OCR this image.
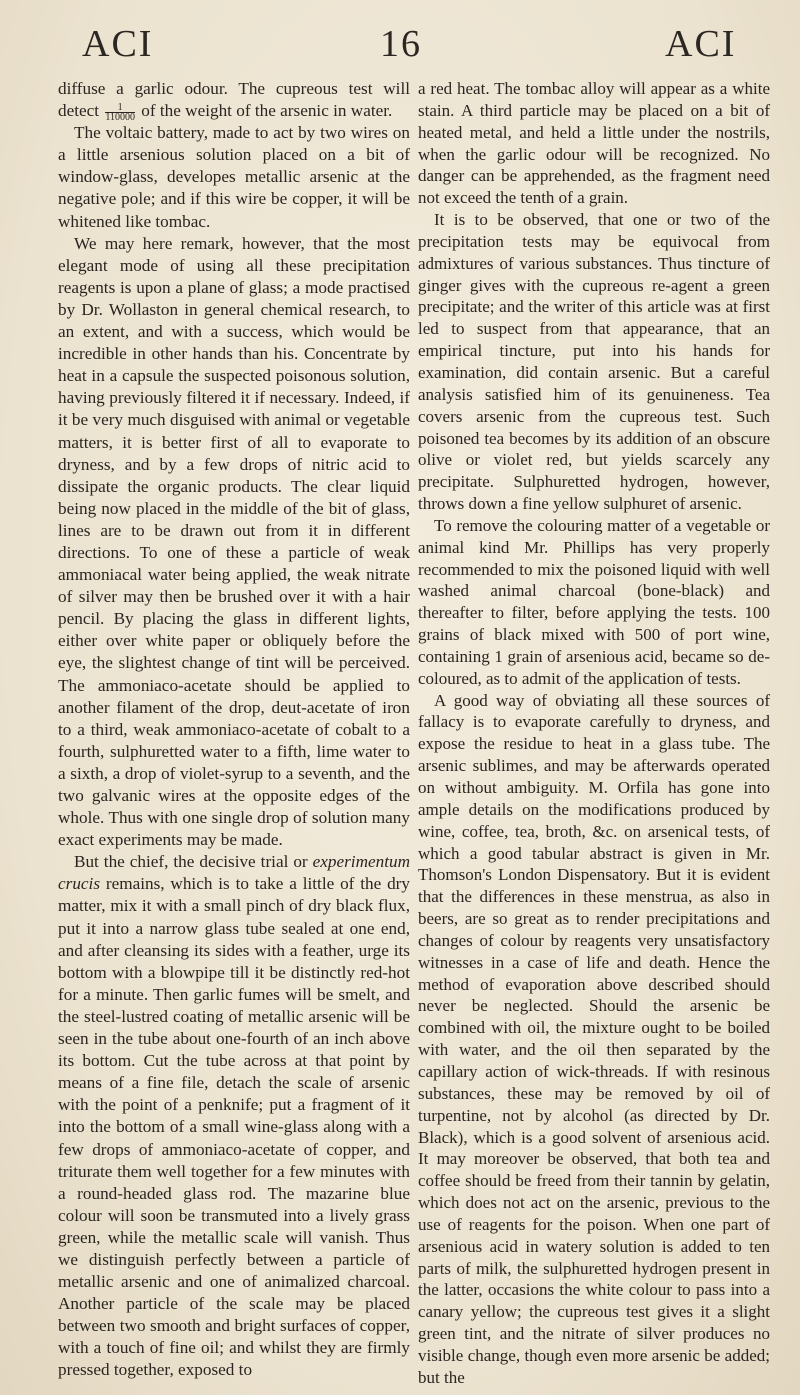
ACI	16	ACI

diffuse a garlic odour. The cupreous test will detect $\frac{1}{110000}$ of the weight of the arsenic in water.

The voltaic battery, made to act by two wires on a little arsenious solution placed on a bit of window-glass, developes metallic arsenic at the negative pole; and if this wire be copper, it will be whitened like tombac.

We may here remark, however, that the most elegant mode of using all these precipitation reagents is upon a plane of glass; a mode practised by Dr. Wollaston in general chemical research, to an extent, and with a success, which would be incredible in other hands than his. Concentrate by heat in a capsule the suspected poisonous solution, having previously filtered it if necessary. Indeed, if it be very much disguised with animal or vegetable matters, it is better first of all to evaporate to dryness, and by a few drops of nitric acid to dissipate the organic products. The clear liquid being now placed in the middle of the bit of glass, lines are to be drawn out from it in different directions. To one of these a particle of weak ammoniacal water being applied, the weak nitrate of silver may then be brushed over it with a hair pencil. By placing the glass in different lights, either over white paper or obliquely before the eye, the slightest change of tint will be perceived. The ammoniaco-acetate should be applied to another filament of the drop, deut-acetate of iron to a third, weak ammoniaco-acetate of cobalt to a fourth, sulphuretted water to a fifth, lime water to a sixth, a drop of violet-syrup to a seventh, and the two galvanic wires at the opposite edges of the whole. Thus with one single drop of solution many exact experiments may be made.

But the chief, the decisive trial or experimentum crucis remains, which is to take a little of the dry matter, mix it with a small pinch of dry black flux, put it into a narrow glass tube sealed at one end, and after cleansing its sides with a feather, urge its bottom with a blowpipe till it be distinctly red-hot for a minute. Then garlic fumes will be smelt, and the steel-lustred coating of metallic arsenic will be seen in the tube about one-fourth of an inch above its bottom. Cut the tube across at that point by means of a fine file, detach the scale of arsenic with the point of a penknife; put a fragment of it into the bottom of a small wine-glass along with a few drops of ammoniaco-acetate of copper, and triturate them well together for a few minutes with a round-headed glass rod. The mazarine blue colour will soon be transmuted into a lively grass green, while the metallic scale will vanish. Thus we distinguish perfectly between a particle of metallic arsenic and one of animalized charcoal. Another particle of the scale may be placed between two smooth and bright surfaces of copper, with a touch of fine oil; and whilst they are firmly pressed together, exposed to

a red heat. The tombac alloy will appear as a white stain. A third particle may be placed on a bit of heated metal, and held a little under the nostrils, when the garlic odour will be recognized. No danger can be apprehended, as the fragment need not exceed the tenth of a grain.

It is to be observed, that one or two of the precipitation tests may be equivocal from admixtures of various substances. Thus tincture of ginger gives with the cupreous re-agent a green precipitate; and the writer of this article was at first led to suspect from that appearance, that an empirical tincture, put into his hands for examination, did contain arsenic. But a careful analysis satisfied him of its genuineness. Tea covers arsenic from the cupreous test. Such poisoned tea becomes by its addition of an obscure olive or violet red, but yields scarcely any precipitate. Sulphuretted hydrogen, however, throws down a fine yellow sulphuret of arsenic.

To remove the colouring matter of a vegetable or animal kind Mr. Phillips has very properly recommended to mix the poisoned liquid with well washed animal charcoal (bone-black) and thereafter to filter, before applying the tests. 100 grains of black mixed with 500 of port wine, containing 1 grain of arsenious acid, became so de-coloured, as to admit of the application of tests.

A good way of obviating all these sources of fallacy is to evaporate carefully to dryness, and expose the residue to heat in a glass tube. The arsenic sublimes, and may be afterwards operated on without ambiguity. M. Orfila has gone into ample details on the modifications produced by wine, coffee, tea, broth, &c. on arsenical tests, of which a good tabular abstract is given in Mr. Thomson's London Dispensatory. But it is evident that the differences in these menstrua, as also in beers, are so great as to render precipitations and changes of colour by reagents very unsatisfactory witnesses in a case of life and death. Hence the method of evaporation above described should never be neglected. Should the arsenic be combined with oil, the mixture ought to be boiled with water, and the oil then separated by the capillary action of wick-threads. If with resinous substances, these may be removed by oil of turpentine, not by alcohol (as directed by Dr. Black), which is a good solvent of arsenious acid. It may moreover be observed, that both tea and coffee should be freed from their tannin by gelatin, which does not act on the arsenic, previous to the use of reagents for the poison. When one part of arsenious acid in watery solution is added to ten parts of milk, the sulphuretted hydrogen present in the latter, occasions the white colour to pass into a canary yellow; the cupreous test gives it a slight green tint, and the nitrate of silver produces no visible change, though even more arsenic be added; but the
